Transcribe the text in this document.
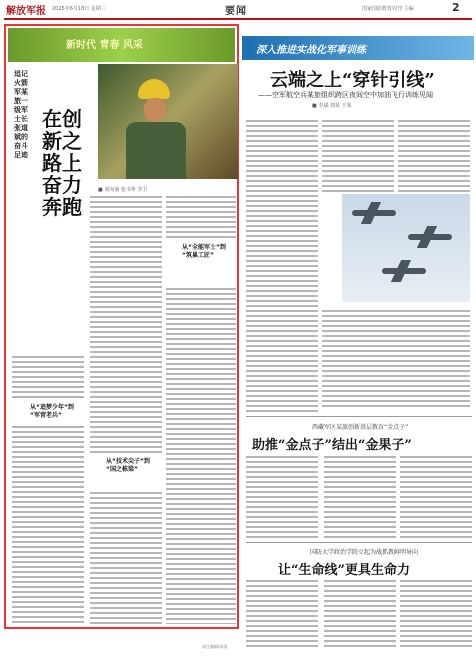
解放军报 2025年6月18日 星期三	要闻	国家国防教育周刊 主编	2
新时代 青春 风采
追记火箭军某旅一级军士长张道斌的奋斗足迹
在创新之路上奋力奔跑
■ 刘向丽 张书华 李卫
从“追梦少年”到
“军营老兵”
从“技术尖子”到
“国之栋梁”
从“全能军士”到
“筑巢工匠”
责任编辑/朱丽
深入推进实战化军事训练
云端之上“穿针引线”
——空军航空兵某旅组织跨区夜间空中加油飞行训练见闻
■ 李斌 刘某 王某
西藏军区某旅创新基层教育“金点子”
助推“金点子”结出“金果子”
国防大学政治学院立起为战抓教鲜明导向
让“生命线”更具生命力
